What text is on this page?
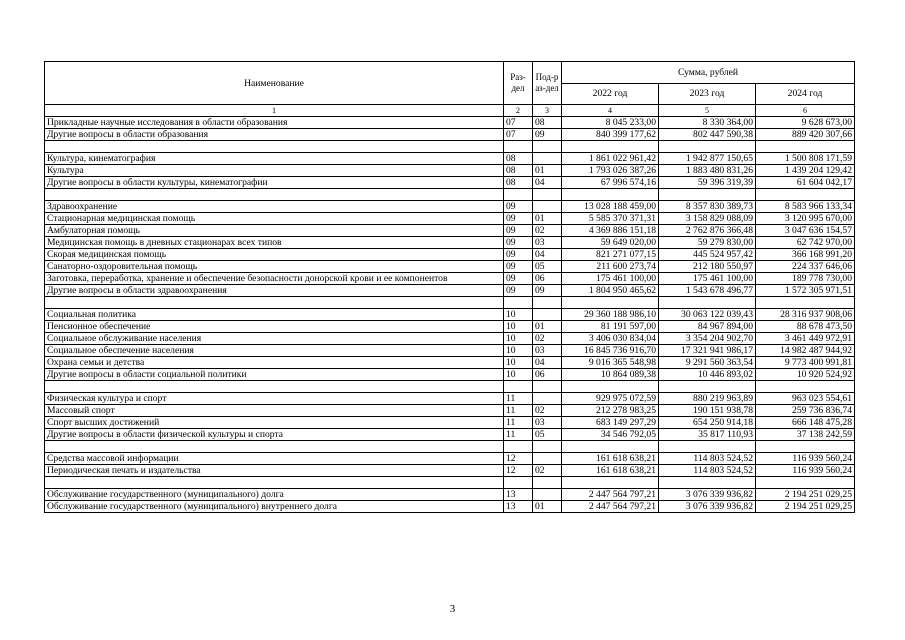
Наименование	Раз-дел	Под-раз-дел	Сумма, рублей		
			2022 год	2023 год	2024 год
1	2	3	4	5	6
Прикладные научные исследования в области образования	07	08	8 045 233,00	8 330 364,00	9 628 673,00
Другие вопросы в области образования	07	09	840 399 177,62	802 447 590,38	889 420 307,66

Культура, кинематография	08		1 861 022 961,42	1 942 877 150,65	1 500 808 171,59
Культура	08	01	1 793 026 387,26	1 883 480 831,26	1 439 204 129,42
Другие вопросы в области культуры, кинематографии	08	04	67 996 574,16	59 396 319,39	61 604 042,17

Здравоохранение	09		13 028 188 459,00	8 357 830 389,73	8 583 966 133,34
Стационарная медицинская помощь	09	01	5 585 370 371,31	3 158 829 088,09	3 120 995 670,00
Амбулаторная помощь	09	02	4 369 886 151,18	2 762 876 366,48	3 047 636 154,57
Медицинская помощь в дневных стационарах всех типов	09	03	59 649 020,00	59 279 830,00	62 742 970,00
Скорая медицинская помощь	09	04	821 271 077,15	445 524 957,42	366 168 991,20
Санаторно-оздоровительная помощь	09	05	211 600 273,74	212 180 550,97	224 337 646,06
Заготовка, переработка, хранение и обеспечение безопасности донорской крови и ее компонентов	09	06	175 461 100,00	175 461 100,00	189 778 730,00
Другие вопросы в области здравоохранения	09	09	1 804 950 465,62	1 543 678 496,77	1 572 305 971,51

Социальная политика	10		29 360 188 986,10	30 063 122 039,43	28 316 937 908,06
Пенсионное обеспечение	10	01	81 191 597,00	84 967 894,00	88 678 473,50
Социальное обслуживание населения	10	02	3 406 030 834,04	3 354 204 902,70	3 461 449 972,91
Социальное обеспечение населения	10	03	16 845 736 916,70	17 321 941 986,17	14 982 487 944,92
Охрана семьи и детства	10	04	9 016 365 548,98	9 291 560 363,54	9 773 400 991,81
Другие вопросы в области социальной политики	10	06	10 864 089,38	10 446 893,02	10 920 524,92

Физическая культура и спорт	11		929 975 072,59	880 219 963,89	963 023 554,61
Массовый спорт	11	02	212 278 983,25	190 151 938,78	259 736 836,74
Спорт высших достижений	11	03	683 149 297,29	654 250 914,18	666 148 475,28
Другие вопросы в области физической культуры и спорта	11	05	34 546 792,05	35 817 110,93	37 138 242,59

Средства массовой информации	12		161 618 638,21	114 803 524,52	116 939 560,24
Периодическая печать и издательства	12	02	161 618 638,21	114 803 524,52	116 939 560,24

Обслуживание государственного (муниципального) долга	13		2 447 564 797,21	3 076 339 936,82	2 194 251 029,25
Обслуживание государственного (муниципального) внутреннего долга	13	01	2 447 564 797,21	3 076 339 936,82	2 194 251 029,25
3
